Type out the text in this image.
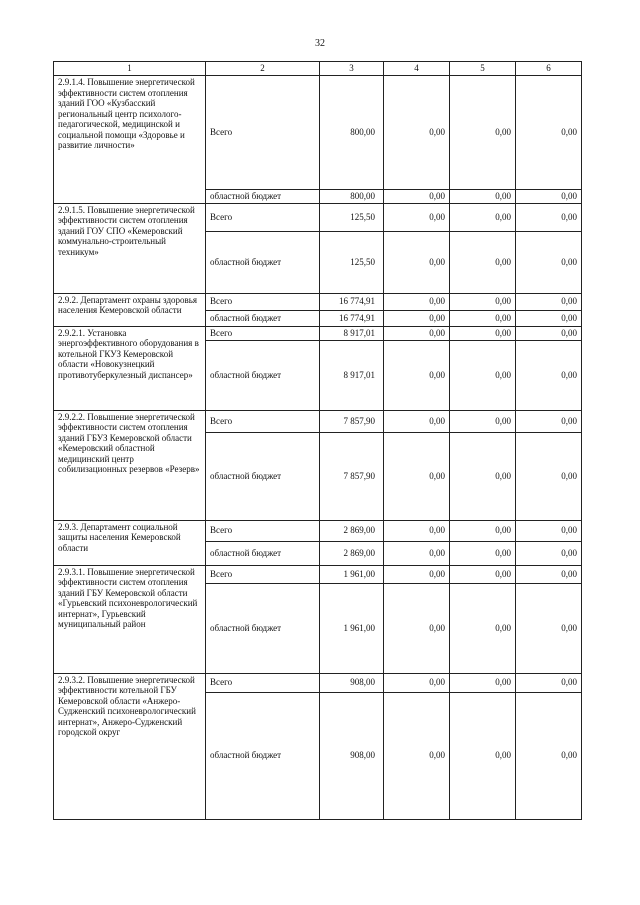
32
1	2	3	4	5	6
2.9.1.4. Повышение энергетической эффективности систем отопления зданий ГОО «Кузбасский региональный центр психолого-педагогической, медицинской и социальной помощи «Здоровье и развитие личности»	Всего	800,00	0,00	0,00	0,00
	областной бюджет	800,00	0,00	0,00	0,00
2.9.1.5. Повышение энергетической эффективности систем отопления зданий ГОУ СПО «Кемеровский коммунально-строительный техникум»	Всего	125,50	0,00	0,00	0,00
	областной бюджет	125,50	0,00	0,00	0,00
2.9.2. Департамент охраны здоровья населения Кемеровской области	Всего	16 774,91	0,00	0,00	0,00
	областной бюджет	16 774,91	0,00	0,00	0,00
2.9.2.1. Установка энергоэффективного оборудования в котельной ГКУЗ Кемеровской области «Новокузнецкий противотуберкулезный диспансер»	Всего	8 917,01	0,00	0,00	0,00
	областной бюджет	8 917,01	0,00	0,00	0,00
2.9.2.2. Повышение энергетической эффективности систем отопления зданий ГБУЗ Кемеровской области «Кемеровский областной медицинский центр собилизационных резервов «Резерв»	Всего	7 857,90	0,00	0,00	0,00
	областной бюджет	7 857,90	0,00	0,00	0,00
2.9.3. Департамент социальной защиты населения Кемеровской области	Всего	2 869,00	0,00	0,00	0,00
	областной бюджет	2 869,00	0,00	0,00	0,00
2.9.3.1. Повышение энергетической эффективности систем отопления зданий ГБУ Кемеровской области «Гурьевский психоневрологический интернат», Гурьевский муниципальный район	Всего	1 961,00	0,00	0,00	0,00
	областной бюджет	1 961,00	0,00	0,00	0,00
2.9.3.2. Повышение энергетической эффективности котельной ГБУ Кемеровской области «Анжеро-Судженский психоневрологический интернат», Анжеро-Судженский городской округ	Всего	908,00	0,00	0,00	0,00
	областной бюджет	908,00	0,00	0,00	0,00
